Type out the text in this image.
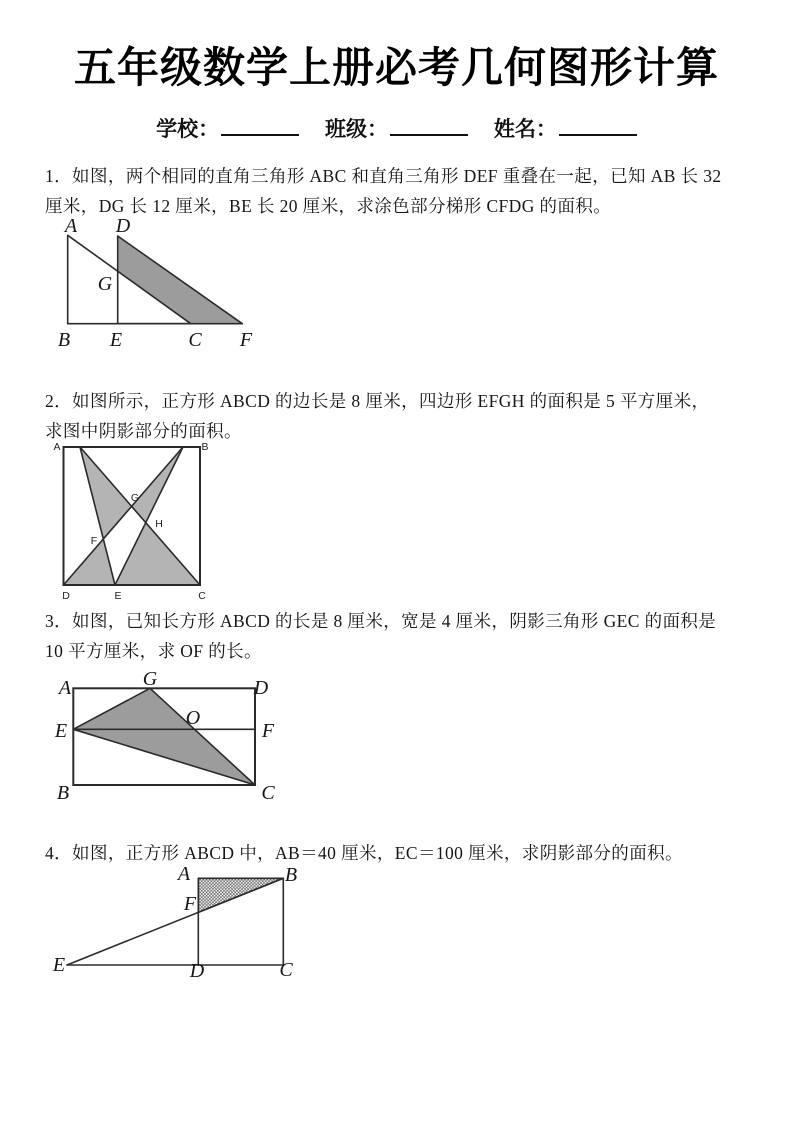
五年级数学上册必考几何图形计算
学校：	班级：	姓名：
1．如图，两个相同的直角三角形 ABC 和直角三角形 DEF 重叠在一起，已知 AB 长 32
厘米，DG 长 12 厘米，BE 长 20 厘米，求涂色部分梯形 CFDG 的面积。
A D
G
B E	C F
2．如图所示，正方形 ABCD 的边长是 8 厘米，四边形 EFGH 的面积是 5 平方厘米，
求图中阴影部分的面积。
A	B
D	E	C
F
G
H
3．如图，已知长方形 ABCD 的长是 8 厘米，宽是 4 厘米，阴影三角形 GEC 的面积是
10 平方厘米，求 OF 的长。
A	D
G
E	F
O
B	C
4．如图，正方形 ABCD 中，AB＝40 厘米，EC＝100 厘米，求阴影部分的面积。
A	B
F
E	D	C
